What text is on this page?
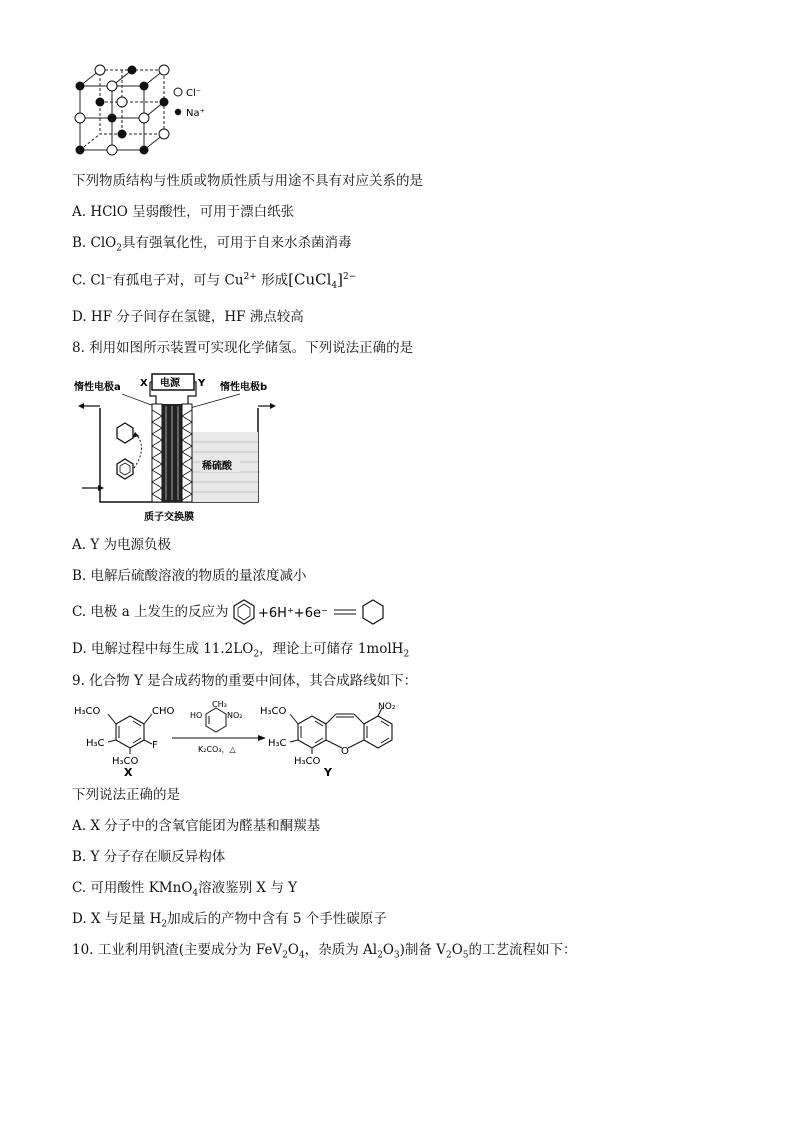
Cl⁻
Na⁺
下列物质结构与性质或物质性质与用途不具有对应关系的是
A. HClO 呈弱酸性，可用于漂白纸张
B. ClO$_2$具有强氧化性，可用于自来水杀菌消毒
C. Cl⁻有孤电子对，可与 $Cu^{2+}$ 形成[CuCl$_4$]$^{2-}$
D. HF 分子间存在氢键，HF 沸点较高
8. 利用如图所示装置可实现化学储氢。下列说法正确的是
电源
X	Y
惰性电极a	惰性电极b
稀硫酸
质子交换膜
A. Y 为电源负极
B. 电解后硫酸溶液的物质的量浓度减小
C. 电极 a 上发生的反应为 +6H⁺+6e⁻
D. 电解过程中每生成 $11.2LO_2$，理论上可储存 1molH$_2$
9. 化合物 Y 是合成药物的重要中间体，其合成路线如下：
H₃CO	CHO
F
H₃C
H₃CO
X
HO
CH₃
NO₂
K₂CO₃，△
H₃CO
H₃C
H₃CO
O
NO₂
Y
下列说法正确的是
A. X 分子中的含氧官能团为醛基和酮羰基
B. Y 分子存在顺反异构体
C. 可用酸性 KMnO$_4$溶液鉴别 X 与 Y
D. X 与足量 $H_2$加成后的产物中含有 5 个手性碳原子
10. 工业利用钒渣(主要成分为 $FeV_2O_4$，杂质为 $Al_2O_3$)制备 $V_2O_5$的工艺流程如下：
